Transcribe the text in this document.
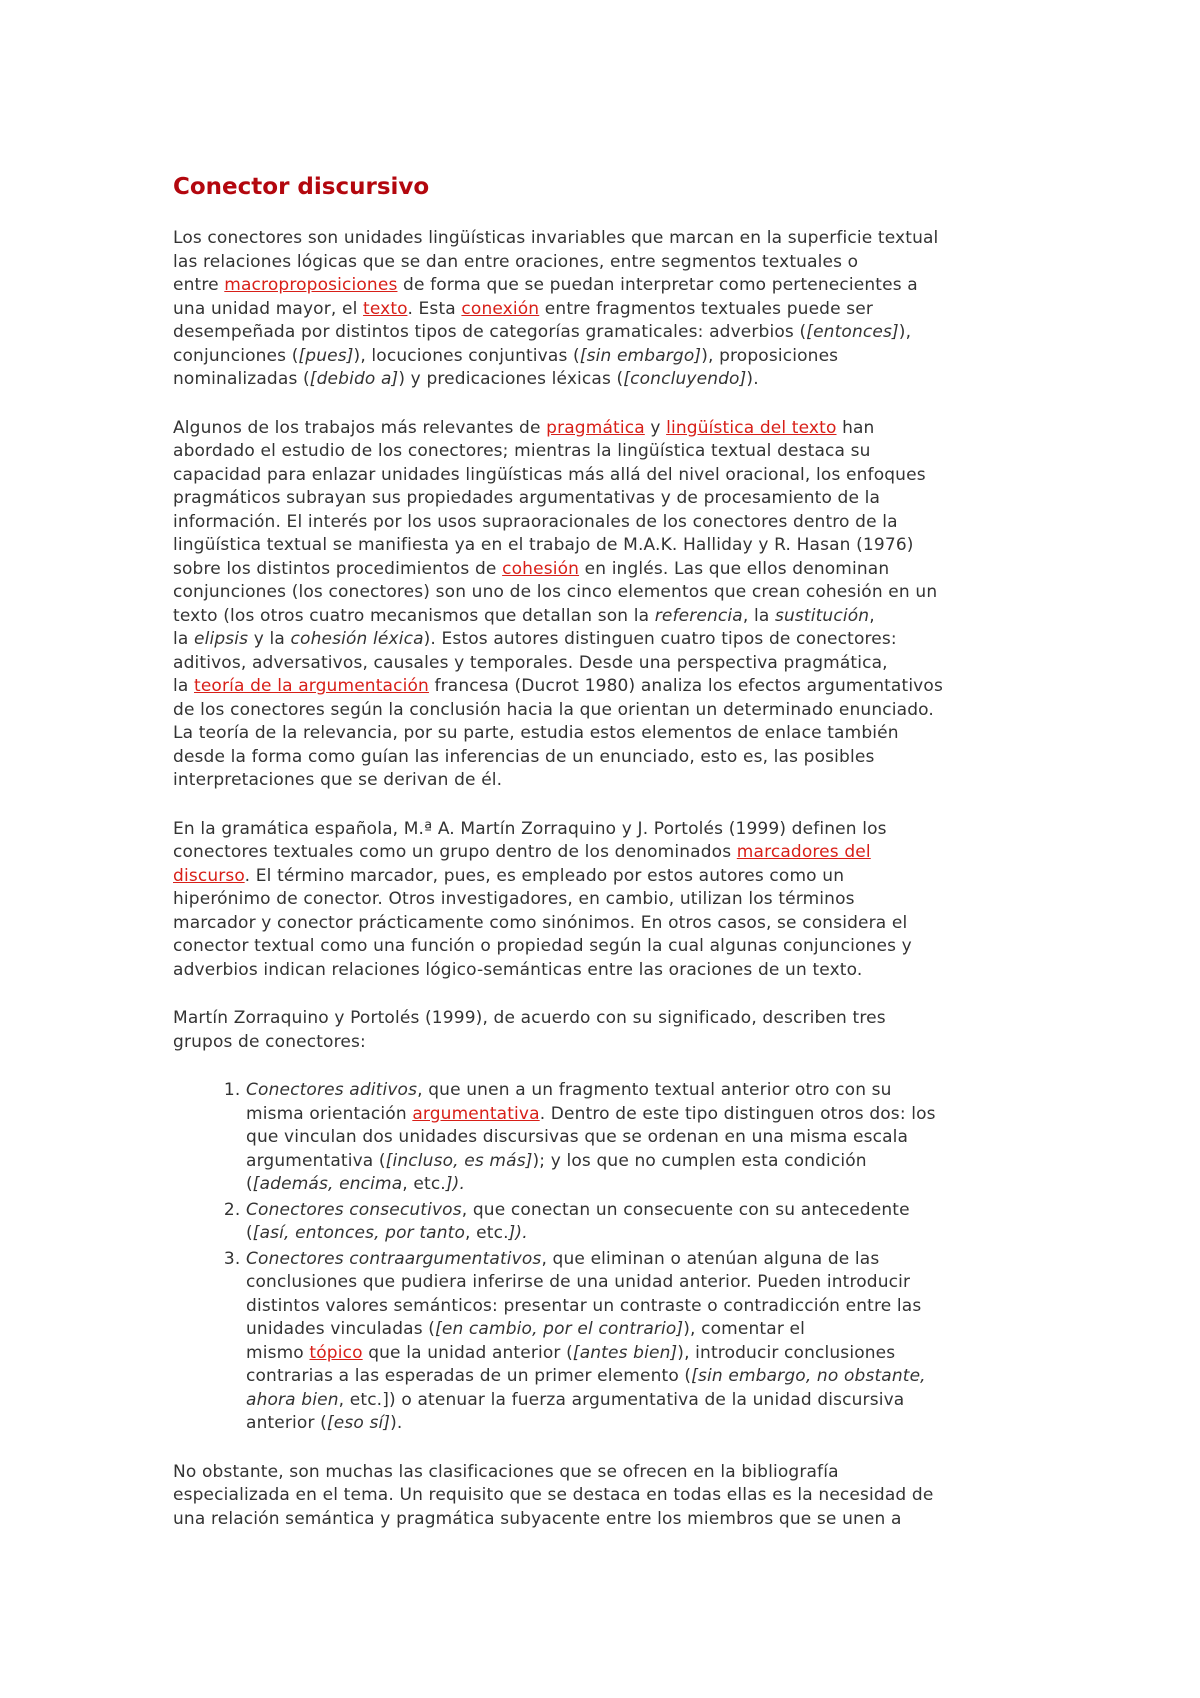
Conector discursivo

Los conectores son unidades lingüísticas invariables que marcan en la superficie textual
las relaciones lógicas que se dan entre oraciones, entre segmentos textuales o
entre macroproposiciones de forma que se puedan interpretar como pertenecientes a
una unidad mayor, el texto. Esta conexión entre fragmentos textuales puede ser
desempeñada por distintos tipos de categorías gramaticales: adverbios ([entonces]),
conjunciones ([pues]), locuciones conjuntivas ([sin embargo]), proposiciones
nominalizadas ([debido a]) y predicaciones léxicas ([concluyendo]).

Algunos de los trabajos más relevantes de pragmática y lingüística del texto han
abordado el estudio de los conectores; mientras la lingüística textual destaca su
capacidad para enlazar unidades lingüísticas más allá del nivel oracional, los enfoques
pragmáticos subrayan sus propiedades argumentativas y de procesamiento de la
información. El interés por los usos supraoracionales de los conectores dentro de la
lingüística textual se manifiesta ya en el trabajo de M.A.K. Halliday y R. Hasan (1976)
sobre los distintos procedimientos de cohesión en inglés. Las que ellos denominan
conjunciones (los conectores) son uno de los cinco elementos que crean cohesión en un
texto (los otros cuatro mecanismos que detallan son la referencia, la sustitución,
la elipsis y la cohesión léxica). Estos autores distinguen cuatro tipos de conectores:
aditivos, adversativos, causales y temporales. Desde una perspectiva pragmática,
la teoría de la argumentación francesa (Ducrot 1980) analiza los efectos argumentativos
de los conectores según la conclusión hacia la que orientan un determinado enunciado.
La teoría de la relevancia, por su parte, estudia estos elementos de enlace también
desde la forma como guían las inferencias de un enunciado, esto es, las posibles
interpretaciones que se derivan de él.

En la gramática española, M.ª A. Martín Zorraquino y J. Portolés (1999) definen los
conectores textuales como un grupo dentro de los denominados marcadores del
discurso. El término marcador, pues, es empleado por estos autores como un
hiperónimo de conector. Otros investigadores, en cambio, utilizan los términos
marcador y conector prácticamente como sinónimos. En otros casos, se considera el
conector textual como una función o propiedad según la cual algunas conjunciones y
adverbios indican relaciones lógico-semánticas entre las oraciones de un texto.

Martín Zorraquino y Portolés (1999), de acuerdo con su significado, describen tres
grupos de conectores:

1. Conectores aditivos, que unen a un fragmento textual anterior otro con su
misma orientación argumentativa. Dentro de este tipo distinguen otros dos: los
que vinculan dos unidades discursivas que se ordenan en una misma escala
argumentativa ([incluso, es más]); y los que no cumplen esta condición
([además, encima, etc.]).
2. Conectores consecutivos, que conectan un consecuente con su antecedente
([así, entonces, por tanto, etc.]).
3. Conectores contraargumentativos, que eliminan o atenúan alguna de las
conclusiones que pudiera inferirse de una unidad anterior. Pueden introducir
distintos valores semánticos: presentar un contraste o contradicción entre las
unidades vinculadas ([en cambio, por el contrario]), comentar el
mismo tópico que la unidad anterior ([antes bien]), introducir conclusiones
contrarias a las esperadas de un primer elemento ([sin embargo, no obstante,
ahora bien, etc.]) o atenuar la fuerza argumentativa de la unidad discursiva
anterior ([eso sí]).

No obstante, son muchas las clasificaciones que se ofrecen en la bibliografía
especializada en el tema. Un requisito que se destaca en todas ellas es la necesidad de
una relación semántica y pragmática subyacente entre los miembros que se unen a
